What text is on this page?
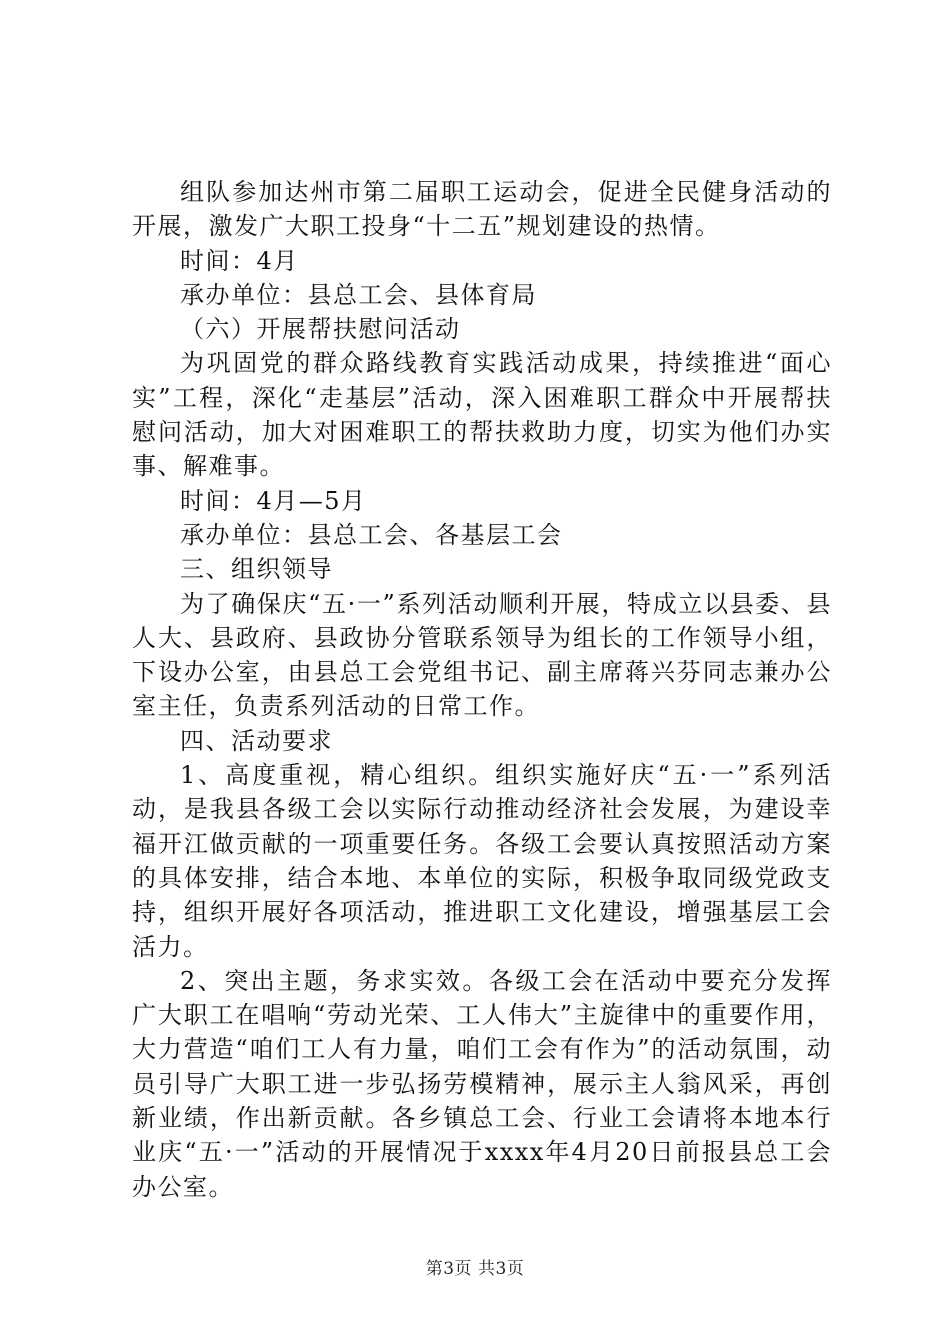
组队参加达州市第二届职工运动会，促进全民健身活动的开展，激发广大职工投身“十二五”规划建设的热情。

时间：4月

承办单位：县总工会、县体育局

（六）开展帮扶慰问活动

为巩固党的群众路线教育实践活动成果，持续推进“面心实”工程，深化“走基层”活动，深入困难职工群众中开展帮扶慰问活动，加大对困难职工的帮扶救助力度，切实为他们办实事、解难事。

时间：4月—5月

承办单位：县总工会、各基层工会

三、组织领导

为了确保庆“五·一”系列活动顺利开展，特成立以县委、县人大、县政府、县政协分管联系领导为组长的工作领导小组，下设办公室，由县总工会党组书记、副主席蒋兴芬同志兼办公室主任，负责系列活动的日常工作。

四、活动要求

1、高度重视，精心组织。组织实施好庆“五·一”系列活动，是我县各级工会以实际行动推动经济社会发展，为建设幸福开江做贡献的一项重要任务。各级工会要认真按照活动方案的具体安排，结合本地、本单位的实际，积极争取同级党政支持，组织开展好各项活动，推进职工文化建设，增强基层工会活力。

2、突出主题，务求实效。各级工会在活动中要充分发挥广大职工在唱响“劳动光荣、工人伟大”主旋律中的重要作用，大力营造“咱们工人有力量，咱们工会有作为”的活动氛围，动员引导广大职工进一步弘扬劳模精神，展示主人翁风采，再创新业绩，作出新贡献。各乡镇总工会、行业工会请将本地本行业庆“五·一”活动的开展情况于xxxx年4月20日前报县总工会办公室。

第3页 共3页
